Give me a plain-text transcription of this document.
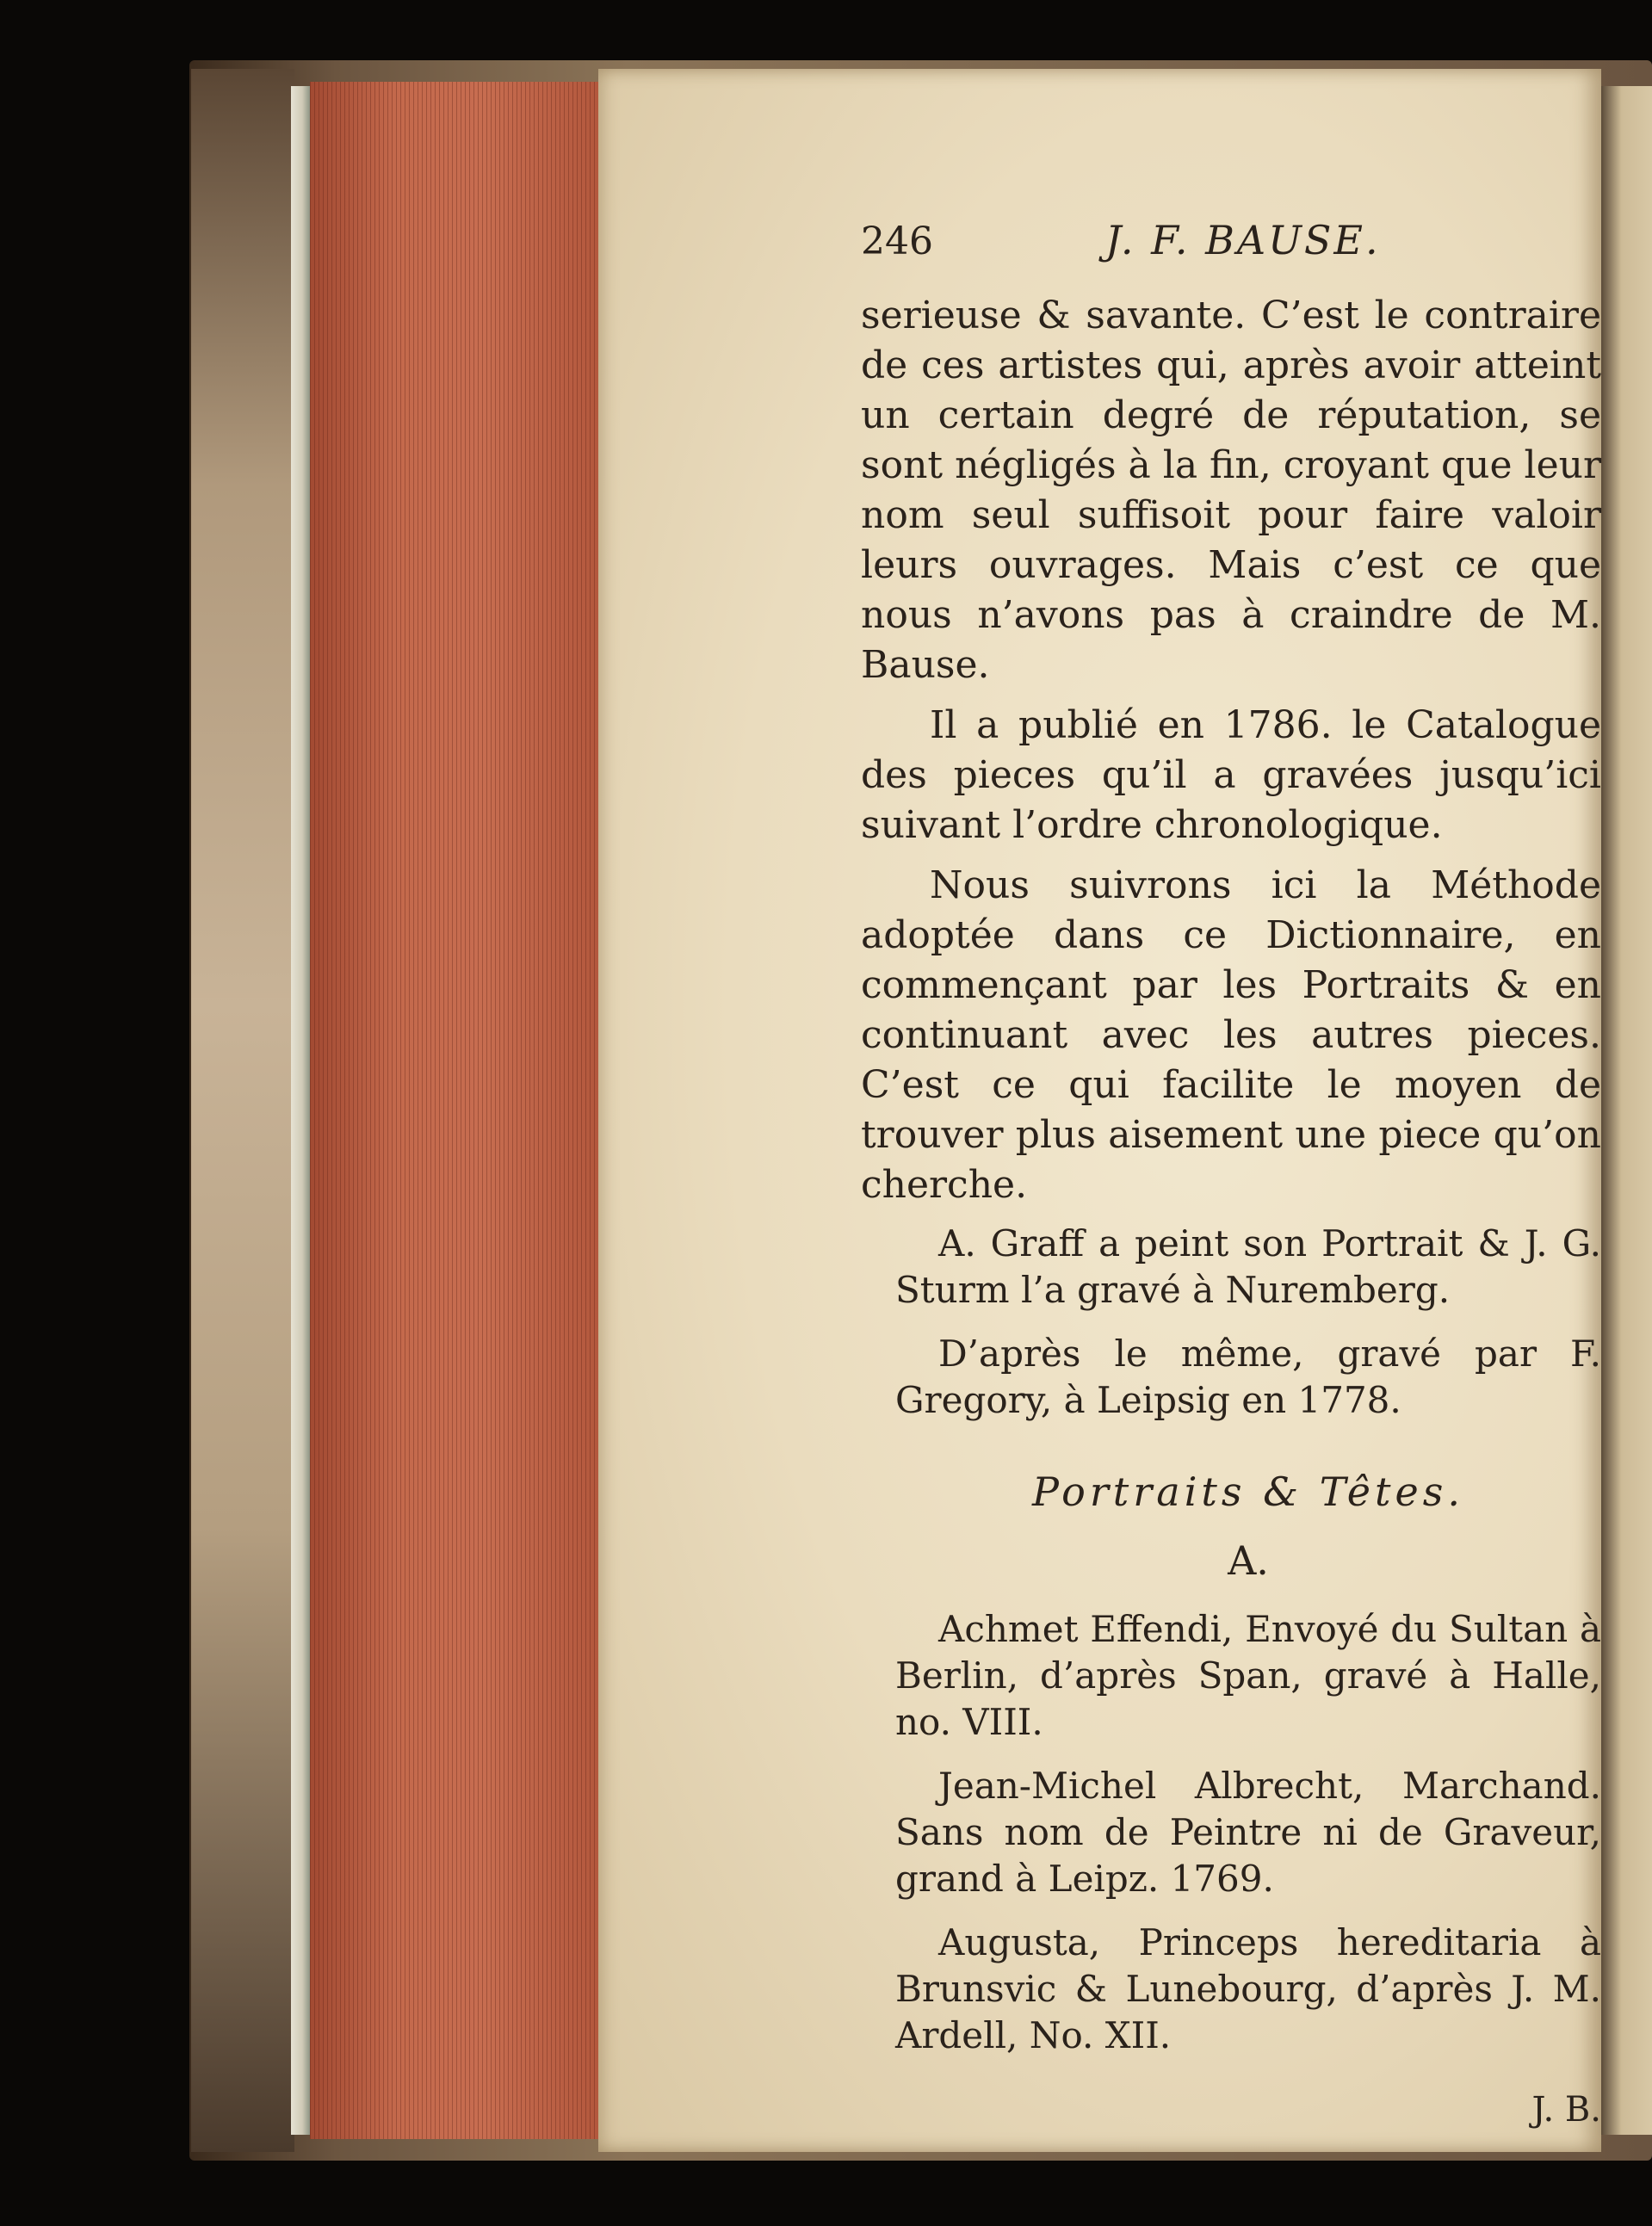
246	J. F. BAUSE.

serieuse & savante. C’est le contraire de ces artistes qui, après avoir atteint un certain degré de réputation, se sont négligés à la fin, croyant que leur nom seul suffisoit pour faire valoir leurs ouvrages. Mais c’est ce que nous n’avons pas à craindre de M. Bause.

Il a publié en 1786. le Catalogue des pieces qu’il a gravées jusqu’ici suivant l’ordre chronologique.

Nous suivrons ici la Méthode adoptée dans ce Dictionnaire, en commençant par les Portraits & en continuant avec les autres pieces. C’est ce qui facilite le moyen de trouver plus aisement une piece qu’on cherche.

A. Graff a peint son Portrait & J. G. Sturm l’a gravé à Nuremberg.

D’après le même, gravé par F. Gregory, à Leipsig en 1778.

Portraits & Têtes.
A.

Achmet Effendi, Envoyé du Sultan à Berlin, d’après Span, gravé à Halle, no. VIII.

Jean-Michel Albrecht, Marchand. Sans nom de Peintre ni de Graveur, grand à Leipz. 1769.

Augusta, Princeps hereditaria à Brunsvic & Lunebourg, d’après J. M. Ardell, No. XII.

J. B.
